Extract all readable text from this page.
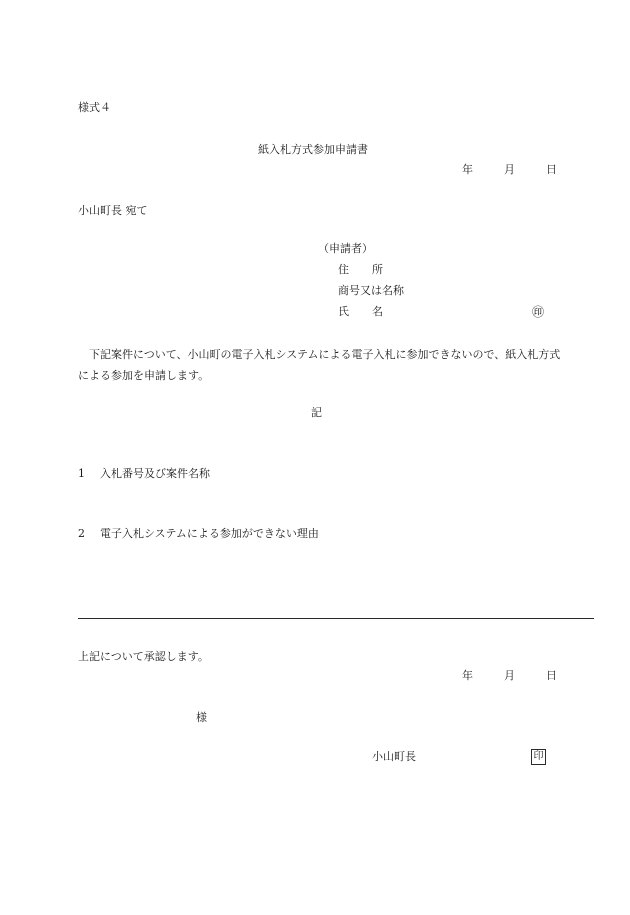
様式４
紙入札方式参加申請書
年	月	日
小山町長 宛て
（申請者）
住 所
商号又は名称
氏 名	㊞
下記案件について、小山町の電子入札システムによる電子入札に参加できないので、紙入札方式による参加を申請します。
記
1 入札番号及び案件名称
2 電子入札システムによる参加ができない理由
上記について承認します。
年	月	日
様
小山町長	印
